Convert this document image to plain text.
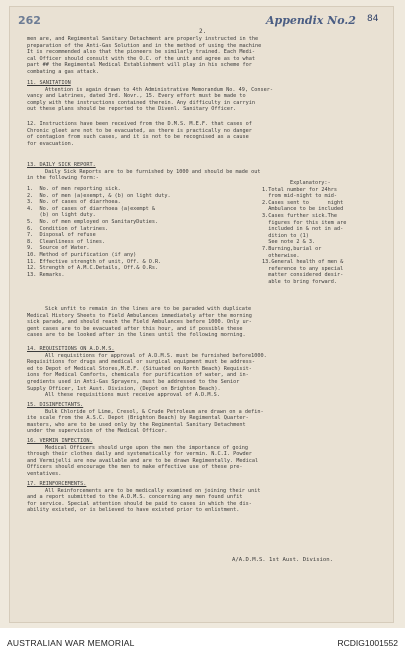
262	Appendix No.2 84
2.

men are, and Regimental Sanitary Detachment are properly instructed in the

preparation of the Anti-Gas Solution and in the method of using the machine

It is recommended also that the pioneers be similarly trained. Each Medi-

cal Officer should consult with the O.C. of the unit and agree as to what

part ## the Regimental Medical Establishment will play in his scheme for

combating a gas attack.

11. SANITATION

Attention is again drawn to 4th Administrative Memorandum No. 49, Conser-

vancy and Latrines, dated 3rd. Novr., 15. Every effort must be made to

comply with the instructions contained therein. Any difficulty in carryin

out these plans should be reported to the Divenl. Sanitary Officer.

12. Instructions have been received from the D.M.S. M.E.F. that cases of

Chronic gleet are not to be evacuated, as there is practically no danger

of contagion from such cases, and it is not to be recognised as a cause

for evacuation.

13. DAILY SICK REPORT.

Daily Sick Reports are to be furnished by 1000 and should be made out

in the following form:-

1.  No. of men reporting sick.

2.  No. of men (a)exempt, & (b) on light duty.

3.  No. of cases of diarrhoea.

4.  No. of cases of diarrhoea (a)exempt &

(b) on light duty.

5.  No. of men employed on SanitaryDuties.

6.  Condition of latrines.

7.  Disposal of refuse

8.  Cleanliness of lines.

9.  Source of Water.

10. Method of purification (if any)

11. Effective strength of unit, Off. & O.R.

12. Strength of A.M.C.Details, Off.& O.Rs.

13. Remarks.

Explanatory:-

1.Total number for 24hrs

from mid-night to mid-

2.Cases sent to      night

Ambulance to be included

3.Cases further sick.The

figures for this item are

included in & not in ad-

dition to (1)

See note 2 & 3.

7.Burning,burial or

otherwise.

13.General health of men &

reference to any special

matter considered desir-

able to bring forward.

Sick unfit to remain in the lines are to be paraded with duplicate

Medical History Sheets to Field Ambulances immediately after the morning

sick parade, and should reach the Field Ambulances before 1000. Only ur-

gent cases are to be evacuated after this hour, and if possible these

cases are to be looked after in the lines until the following morning.

14. REQUISITIONS ON A.D.M.S.

All requisitions for approval of A.D.M.S. must be furnished before1000.

Requisitions for drugs and medical or surgical equipment must be address-

ed to Depot of Medical Stores,M.E.F. (Situated on North Beach) Requisit-

ions for Medical Comforts, chemicals for purification of water, and in-

gredients used in Anti-Gas Sprayers, must be addressed to the Senior

Supply Officer, 1st Aust. Division, (Depot on Brighton Beach).

All these requisitions must receive approval of A.D.M.S.

15. DISINFECTANTS.

Bulk Chloride of Lime, Cresol, & Crude Petroleum are drawn on a defin-

ite scale from the A.S.C. Depot (Brighton Beach) by Regimental Quarter-

masters, who are to be used only by the Regimental Sanitary Detachment

under the supervision of the Medical Officer.

16. VERMIN INFECTION.

Medical Officers should urge upon the men the importance of going

through their clothes daily and systematically for vermin. N.C.I. Powder

and Vermijelli are now available and are to be drawn Regimentally. Medical

Officers should encourage the men to make effective use of these pre-

ventatives.

17. REINFORCEMENTS.

All Reinforcements are to be medically examined on joining their unit

and a report submitted to the A.D.M.S. concerning any men found unfit

for service. Special attention should be paid to cases in which the dis-

ability existed, or is believed to have existed prior to enlistment.

A/A.D.M.S. 1st Aust. Division.
AUSTRALIAN WAR MEMORIAL	RCDIG1001552
